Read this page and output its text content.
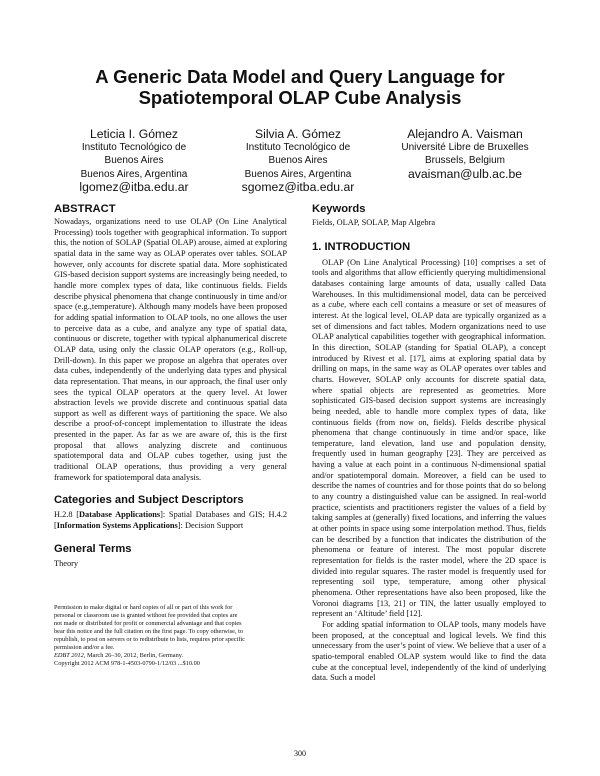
A Generic Data Model and Query Language for
Spatiotemporal OLAP Cube Analysis
Leticia I. Gómez
Instituto Tecnológico de
Buenos Aires
Buenos Aires, Argentina
lgomez@itba.edu.ar
Silvia A. Gómez
Instituto Tecnológico de
Buenos Aires
Buenos Aires, Argentina
sgomez@itba.edu.ar
Alejandro A. Vaisman
Université Libre de Bruxelles
Brussels, Belgium
avaisman@ulb.ac.be
ABSTRACT

Nowadays, organizations need to use OLAP (On Line Analytical Processing) tools together with geographical information. To support this, the notion of SOLAP (Spatial OLAP) arouse, aimed at exploring spatial data in the same way as OLAP operates over tables. SOLAP however, only accounts for discrete spatial data. More sophisticated GIS-based decision support systems are increasingly being needed, to handle more complex types of data, like continuous fields. Fields describe physical phenomena that change continuously in time and/or space (e.g.,temperature). Although many models have been proposed for adding spatial information to OLAP tools, no one allows the user to perceive data as a cube, and analyze any type of spatial data, continuous or discrete, together with typical alphanumerical discrete OLAP data, using only the classic OLAP operators (e.g., Roll-up, Drill-down). In this paper we propose an algebra that operates over data cubes, independently of the underlying data types and physical data representation. That means, in our approach, the final user only sees the typical OLAP operators at the query level. At lower abstraction levels we provide discrete and continuous spatial data support as well as different ways of partitioning the space. We also describe a proof-of-concept implementation to illustrate the ideas presented in the paper. As far as we are aware of, this is the first proposal that allows analyzing discrete and continuous spatiotemporal data and OLAP cubes together, using just the traditional OLAP operations, thus providing a very general framework for spatiotemporal data analysis.

Categories and Subject Descriptors

H.2.8 [Database Applications]: Spatial Databases and GIS; H.4.2 [Information Systems Applications]: Decision Support

General Terms

Theory

Permission to make digital or hard copies of all or part of this work for
personal or classroom use is granted without fee provided that copies are
not made or distributed for profit or commercial advantage and that copies
bear this notice and the full citation on the first page. To copy otherwise, to
republish, to post on servers or to redistribute to lists, requires prior specific
permission and/or a fee.
EDBT 2012, March 26–30, 2012, Berlin, Germany.
Copyright 2012 ACM 978-1-4503-0790-1/12/03 ...$10.00
Keywords

Fields, OLAP, SOLAP, Map Algebra

1. INTRODUCTION

OLAP (On Line Analytical Processing) [10] comprises a set of tools and algorithms that allow efficiently querying multidimensional databases containing large amounts of data, usually called Data Warehouses. In this multidimensional model, data can be perceived as a cube, where each cell contains a measure or set of measures of interest. At the logical level, OLAP data are typically organized as a set of dimensions and fact tables. Modern organizations need to use OLAP analytical capabilities together with geographical information. In this direction, SOLAP (standing for Spatial OLAP), a concept introduced by Rivest et al. [17], aims at exploring spatial data by drilling on maps, in the same way as OLAP operates over tables and charts. However, SOLAP only accounts for discrete spatial data, where spatial objects are represented as geometries. More sophisticated GIS-based decision support systems are increasingly being needed, able to handle more complex types of data, like continuous fields (from now on, fields). Fields describe physical phenomena that change continuously in time and/or space, like temperature, land elevation, land use and population density, frequently used in human geography [23]. They are perceived as having a value at each point in a continuous N-dimensional spatial and/or spatiotemporal domain. Moreover, a field can be used to describe the names of countries and for those points that do so belong to any country a distinguished value can be assigned. In real-world practice, scientists and practitioners register the values of a field by taking samples at (generally) fixed locations, and inferring the values at other points in space using some interpolation method. Thus, fields can be described by a function that indicates the distribution of the phenomena or feature of interest. The most popular discrete representation for fields is the raster model, where the 2D space is divided into regular squares. The raster model is frequently used for representing soil type, temperature, among other physical phenomena. Other representations have also been proposed, like the Voronoi diagrams [13, 21] or TIN, the latter usually employed to represent an ‘Altitude’ field [12].

For adding spatial information to OLAP tools, many models have been proposed, at the conceptual and logical levels. We find this unnecessary from the user’s point of view. We believe that a user of a spatio-temporal enabled OLAP system would like to find the data cube at the conceptual level, independently of the kind of underlying data. Such a model

300
